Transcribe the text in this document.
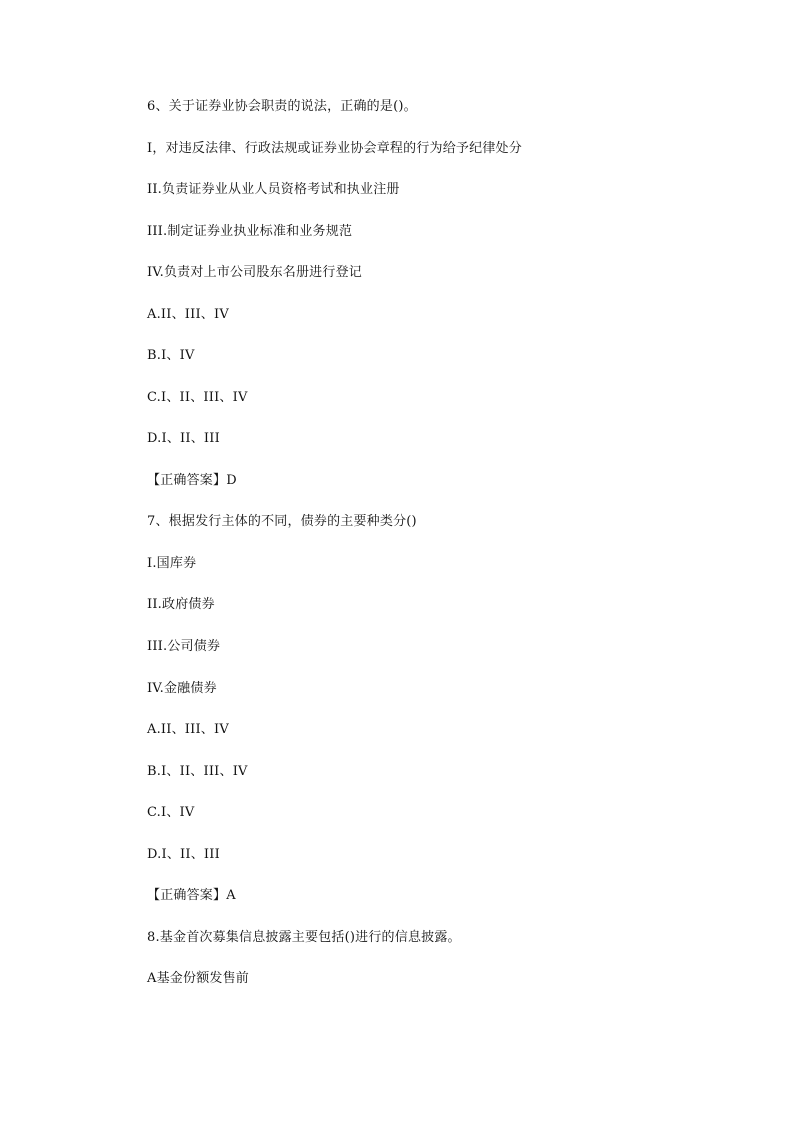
6、关于证券业协会职责的说法，正确的是()。
I，对违反法律、行政法规或证券业协会章程的行为给予纪律处分
II.负责证券业从业人员资格考试和执业注册
III.制定证券业执业标准和业务规范
IV.负责对上市公司股东名册进行登记
A.II、III、IV
B.I、IV
C.I、II、III、IV
D.I、II、III
【正确答案】D
7、根据发行主体的不同，债券的主要种类分()
I.国库券
II.政府债券
III.公司债券
IV.金融债券
A.II、III、IV
B.I、II、III、IV
C.I、IV
D.I、II、III
【正确答案】A
8.基金首次募集信息披露主要包括()进行的信息披露。
A基金份额发售前
